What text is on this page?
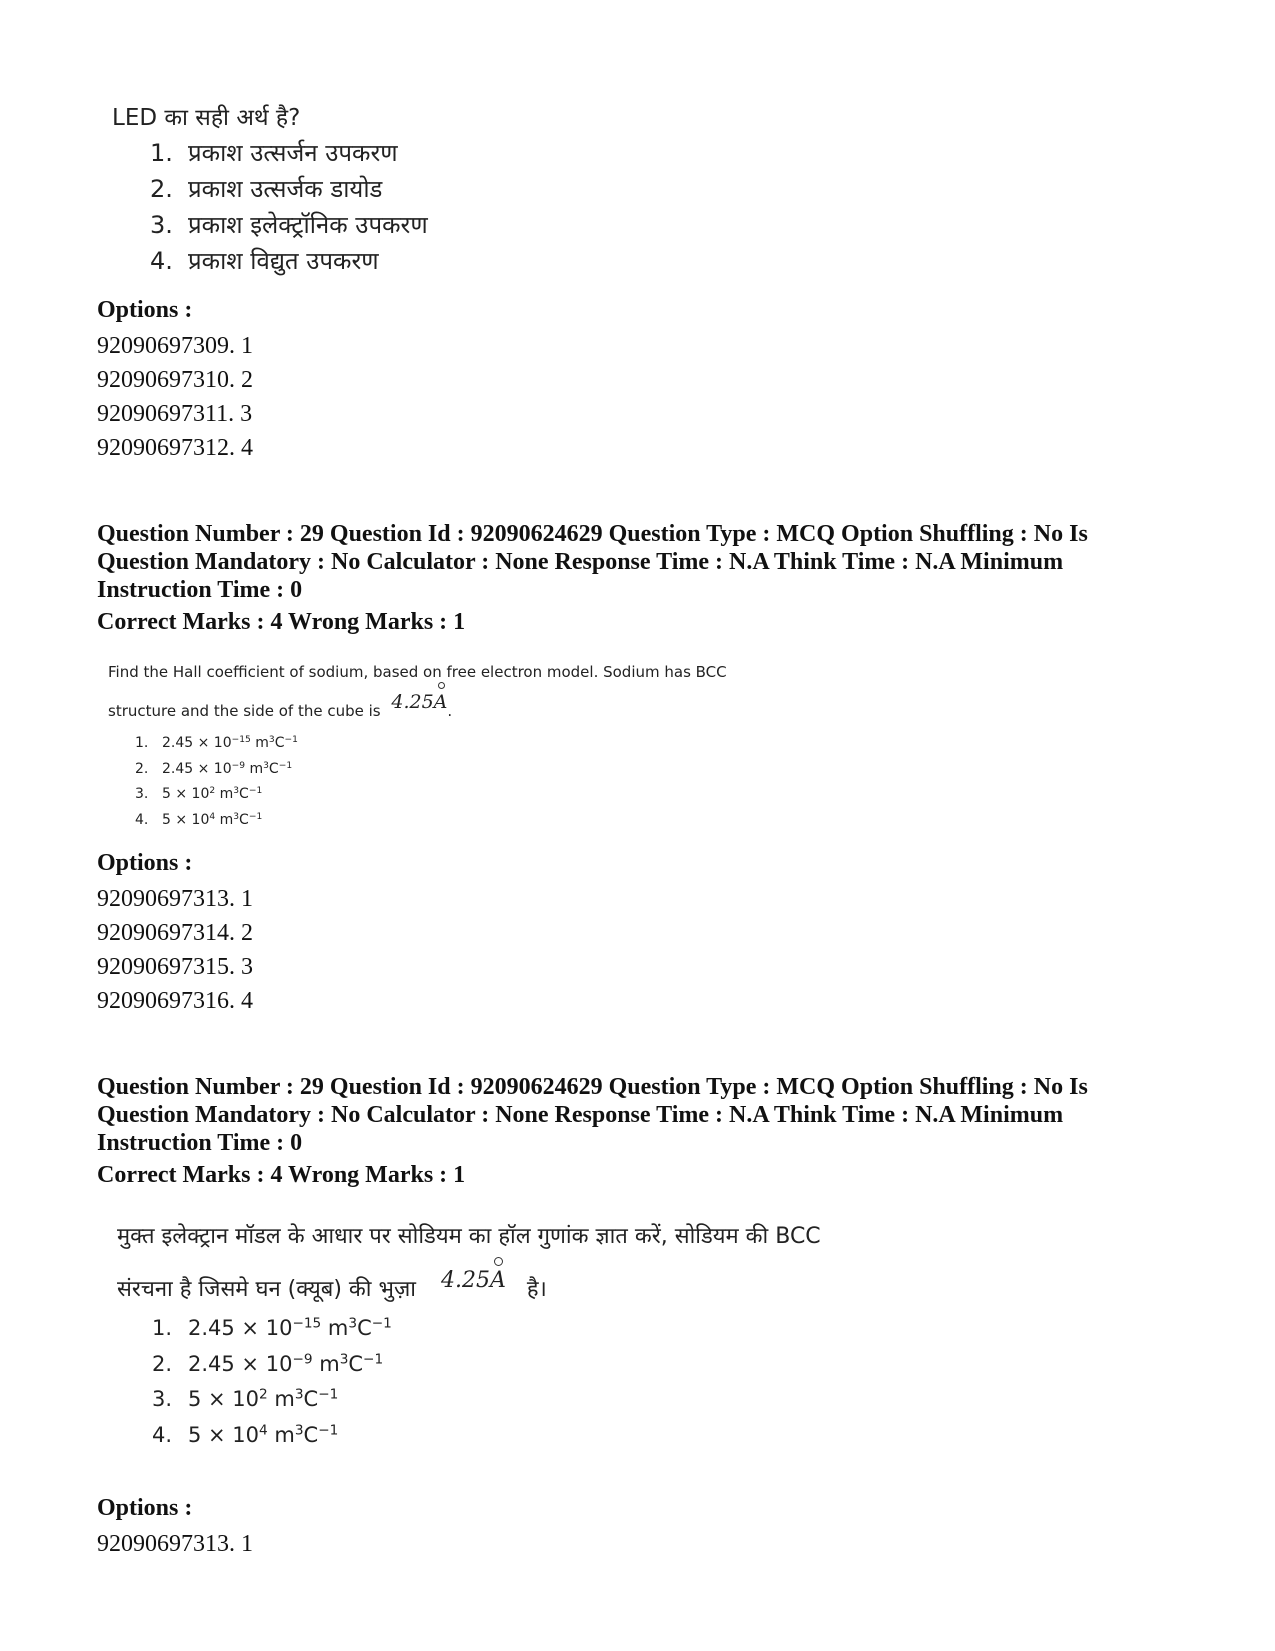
LED का सही अर्थ है?
1. प्रकाश उत्सर्जन उपकरण
2. प्रकाश उत्सर्जक डायोड
3. प्रकाश इलेक्ट्रॉनिक उपकरण
4. प्रकाश विद्युत उपकरण
Options :
92090697309. 1
92090697310. 2
92090697311. 3
92090697312. 4
Question Number : 29 Question Id : 92090624629 Question Type : MCQ Option Shuffling : No Is
Question Mandatory : No Calculator : None Response Time : N.A Think Time : N.A Minimum
Instruction Time : 0
Correct Marks : 4 Wrong Marks : 1
Find the Hall coefficient of sodium, based on free electron model. Sodium has BCC
structure and the side of the cube is 4.25A
.
1. $2.45 \times 10^{-15}$ $m^3C^{-1}$
2. $2.45 \times 10^{-9}$ $m^3C^{-1}$
3. $5 \times 10^2$ $m^3C^{-1}$
4. $5 \times 10^4$ $m^3C^{-1}$
Options :
92090697313. 1
92090697314. 2
92090697315. 3
92090697316. 4
Question Number : 29 Question Id : 92090624629 Question Type : MCQ Option Shuffling : No Is
Question Mandatory : No Calculator : None Response Time : N.A Think Time : N.A Minimum
Instruction Time : 0
Correct Marks : 4 Wrong Marks : 1
मुक्त इलेक्ट्रान मॉडल के आधार पर सोडियम का हॉल गुणांक ज्ञात करें, सोडियम की BCC
संरचना है जिसमे घन (क्यूब) की भुज़ा 4.25A है।
1. $2.45 \times 10^{-15}$ $m^3C^{-1}$
2. $2.45 \times 10^{-9}$ $m^3C^{-1}$
3. $5 \times 10^2$ $m^3C^{-1}$
4. $5 \times 10^4$ $m^3C^{-1}$
Options :
92090697313. 1
